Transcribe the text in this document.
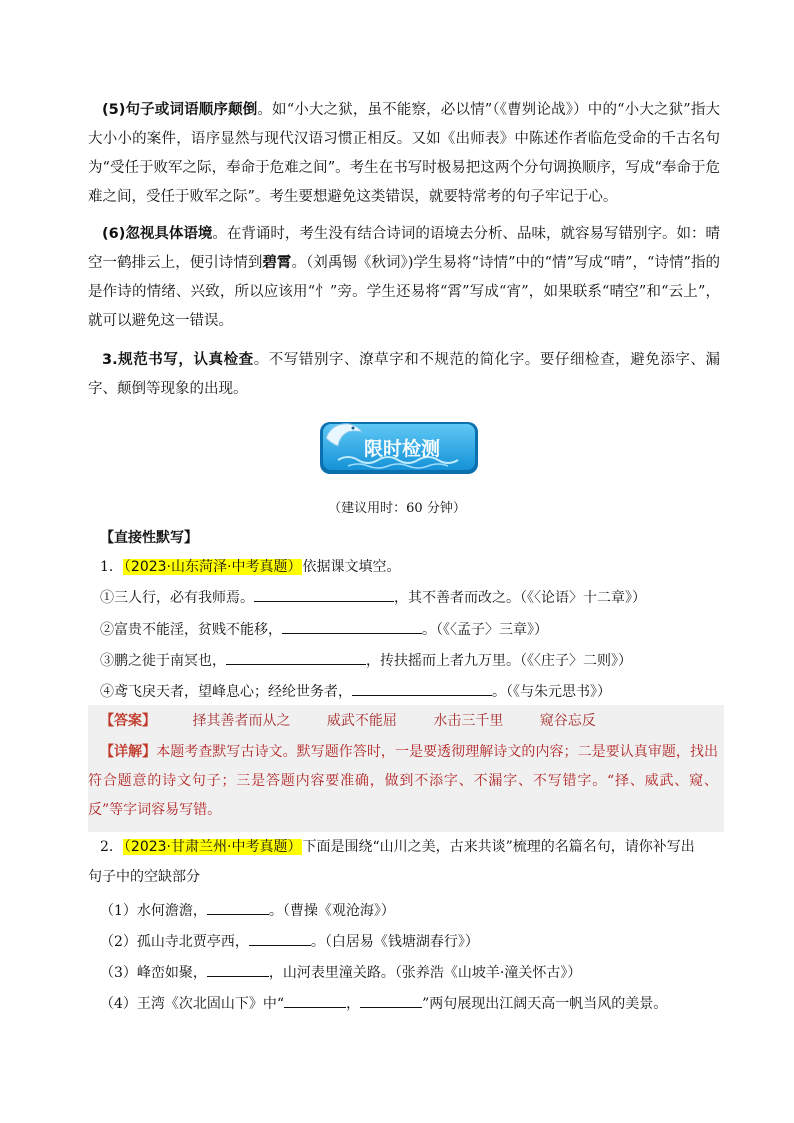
(5)句子或词语顺序颠倒。如“小大之狱，虽不能察，必以情”（《曹刿论战》）中的“小大之狱”指大大小小的案件，语序显然与现代汉语习惯正相反。又如《出师表》中陈述作者临危受命的千古名句为“受任于败军之际，奉命于危难之间”。考生在书写时极易把这两个分句调换顺序，写成“奉命于危难之间，受任于败军之际”。考生要想避免这类错误，就要特常考的句子牢记于心。
(6)忽视具体语境。在背诵时，考生没有结合诗词的语境去分析、品味，就容易写错别字。如：晴空一鹤排云上，便引诗情到碧霄。（刘禹锡《秋词》)学生易将“诗情”中的“情”写成“晴”，“诗情”指的是作诗的情绪、兴致，所以应该用“忄”旁。学生还易将“霄”写成“宵”，如果联系“晴空”和“云上”，就可以避免这一错误。
3.规范书写，认真检查。不写错别字、潦草字和不规范的简化字。要仔细检查，避免添字、漏字、颠倒等现象的出现。
限时检测
（建议用时：60 分钟）
【直接性默写】
1．（2023·山东菏泽·中考真题）依据课文填空。
①三人行，必有我师焉。	，其不善者而改之。（《〈论语〉十二章》）
②富贵不能淫，贫贱不能移，	。（《〈孟子〉三章》）
③鹏之徙于南冥也，	，抟扶摇而上者九万里。（《〈庄子〉二则》）
④鸢飞戾天者，望峰息心；经纶世务者，	。（《与朱元思书》）
【答案】	择其善者而从之	威武不能屈	水击三千里	窥谷忘反
【详解】本题考查默写古诗文。默写题作答时，一是要透彻理解诗文的内容；二是要认真审题，找出符合题意的诗文句子；三是答题内容要准确，做到不添字、不漏字、不写错字。“择、威武、窥、反”等字词容易写错。
2．（2023·甘肃兰州·中考真题）下面是围绕“山川之美，古来共谈”梳理的名篇名句，请你补写出
句子中的空缺部分
（1）水何澹澹，	。（曹操《观沧海》）
（2）孤山寺北贾亭西，	。（白居易《钱塘湖春行》）
（3）峰峦如聚，	，山河表里潼关路。（张养浩《山坡羊·潼关怀古》）
（4）王湾《次北固山下》中“	，	”两句展现出江阔天高一帆当风的美景。
